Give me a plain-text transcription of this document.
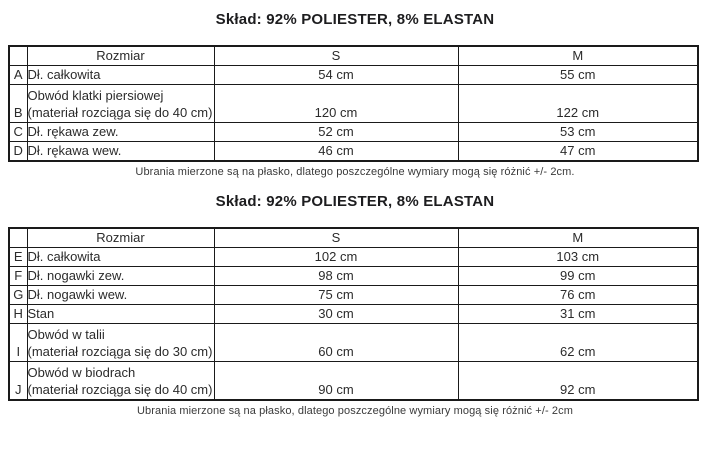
Skład: 92% POLIESTER, 8% ELASTAN
	Rozmiar	S	M
A	Dł. całkowita	54 cm	55 cm
B	Obwód klatki piersiowej
(materiał rozciąga się do 40 cm)	120 cm	122 cm
C	Dł. rękawa zew.	52 cm	53 cm
D	Dł. rękawa wew.	46 cm	47 cm

Ubrania mierzone są na płasko, dlatego poszczególne wymiary mogą się różnić +/- 2cm.

Skład: 92% POLIESTER, 8% ELASTAN
	Rozmiar	S	M
E	Dł. całkowita	102 cm	103 cm
F	Dł. nogawki zew.	98 cm	99 cm
G	Dł. nogawki wew.	75 cm	76 cm
H	Stan	30 cm	31 cm
I	Obwód w talii
(materiał rozciąga się do 30 cm)	60 cm	62 cm
J	Obwód w biodrach
(materiał rozciąga się do 40 cm)	90 cm	92 cm

Ubrania mierzone są na płasko, dlatego poszczególne wymiary mogą się różnić +/- 2cm
